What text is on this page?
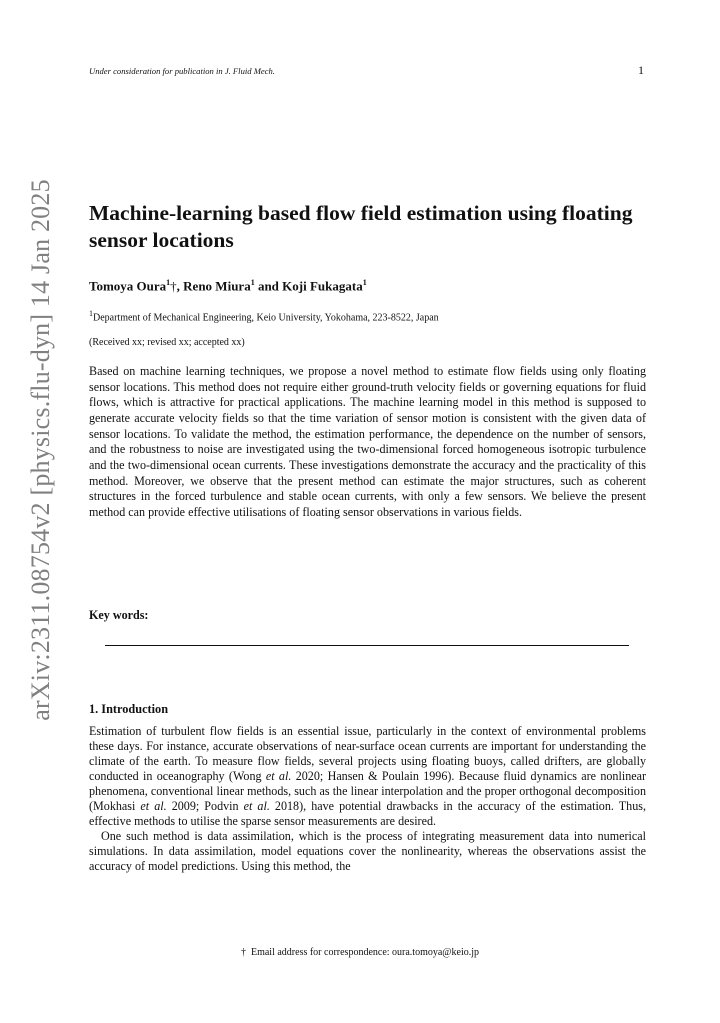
Under consideration for publication in J. Fluid Mech.	1
arXiv:2311.08754v2 [physics.flu-dyn] 14 Jan 2025 Machine-learning based flow field estimation using floating sensor locations
Tomoya Oura$^1$†, Reno Miura$^1$ and Koji Fukagata$^1$
$^1$Department of Mechanical Engineering, Keio University, Yokohama, 223-8522, Japan
(Received xx; revised xx; accepted xx)

Based on machine learning techniques, we propose a novel method to estimate flow fields using only floating sensor locations. This method does not require either ground-truth velocity fields or governing equations for fluid flows, which is attractive for practical applications. The machine learning model in this method is supposed to generate accurate velocity fields so that the time variation of sensor motion is consistent with the given data of sensor locations. To validate the method, the estimation performance, the dependence on the number of sensors, and the robustness to noise are investigated using the two-dimensional forced homogeneous isotropic turbulence and the two-dimensional ocean currents. These investigations demonstrate the accuracy and the practicality of this method. Moreover, we observe that the present method can estimate the major structures, such as coherent structures in the forced turbulence and stable ocean currents, with only a few sensors. We believe the present method can provide effective utilisations of floating sensor observations in various fields.

Key words:
1. Introduction

Estimation of turbulent flow fields is an essential issue, particularly in the context of environmental problems these days. For instance, accurate observations of near-surface ocean currents are important for understanding the climate of the earth. To measure flow fields, several projects using floating buoys, called drifters, are globally conducted in oceanography (Wong et al. 2020; Hansen & Poulain 1996). Because fluid dynamics are nonlinear phenomena, conventional linear methods, such as the linear interpolation and the proper orthogonal decomposition (Mokhasi et al. 2009; Podvin et al. 2018), have potential drawbacks in the accuracy of the estimation. Thus, effective methods to utilise the sparse sensor measurements are desired.

One such method is data assimilation, which is the process of integrating measurement data into numerical simulations. In data assimilation, model equations cover the nonlinearity, whereas the observations assist the accuracy of model predictions. Using this method, the

† Email address for correspondence: oura.tomoya@keio.jp
